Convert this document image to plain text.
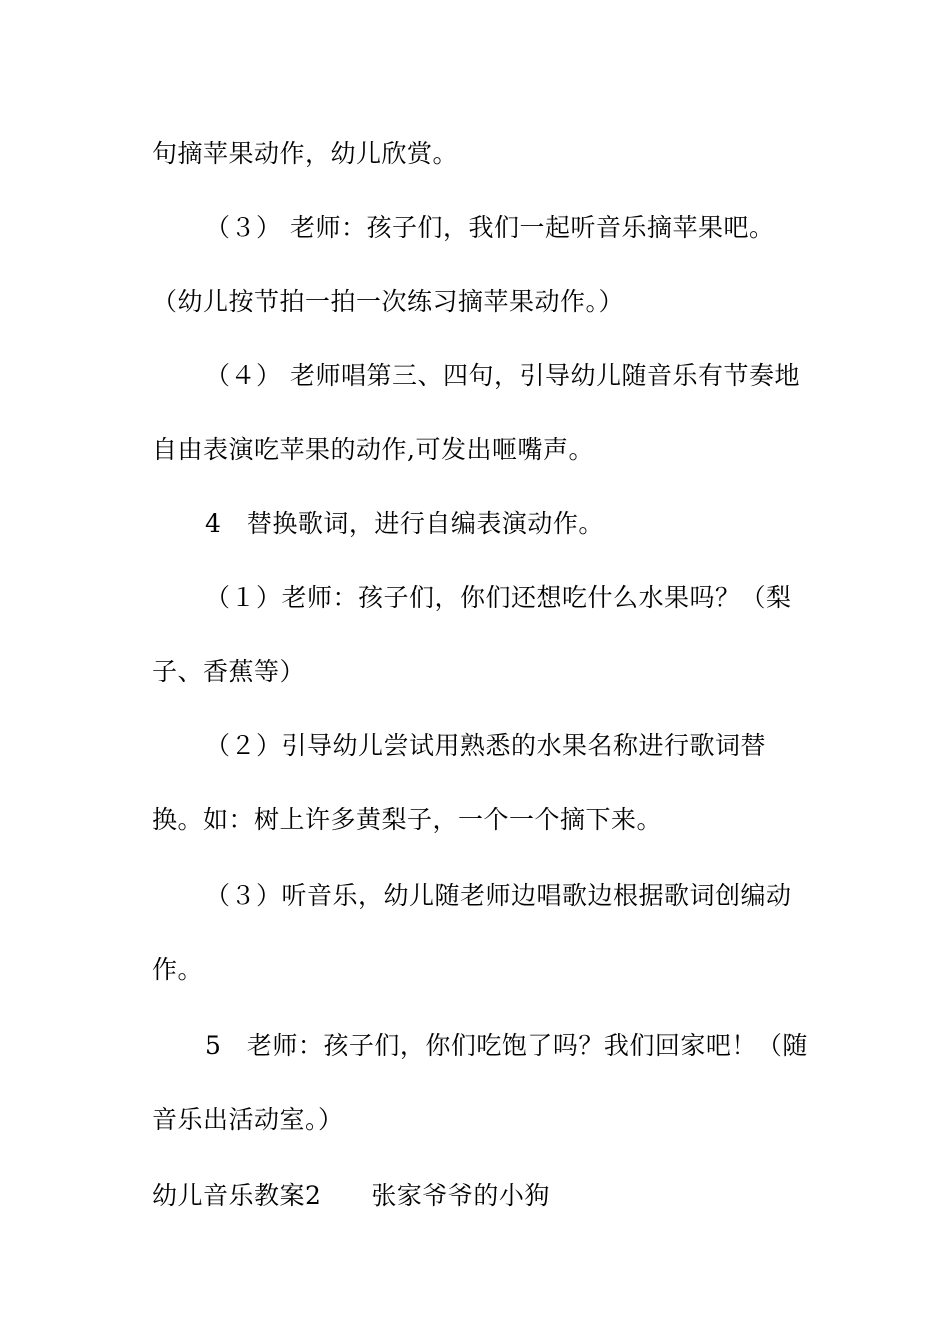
句摘苹果动作，幼儿欣赏。
（３） 老师：孩子们，我们一起听音乐摘苹果吧。
（幼儿按节拍一拍一次练习摘苹果动作。）
（４） 老师唱第三、四句，引导幼儿随音乐有节奏地
自由表演吃苹果的动作,可发出咂嘴声。
4　替换歌词，进行自编表演动作。
（１）老师：孩子们，你们还想吃什么水果吗？（梨
子、香蕉等）
（２）引导幼儿尝试用熟悉的水果名称进行歌词替
换。如：树上许多黄梨子，一个一个摘下来。
（３）听音乐，幼儿随老师边唱歌边根据歌词创编动
作。
5　老师：孩子们，你们吃饱了吗？我们回家吧！（随
音乐出活动室。）
幼儿音乐教案2 张家爷爷的小狗
